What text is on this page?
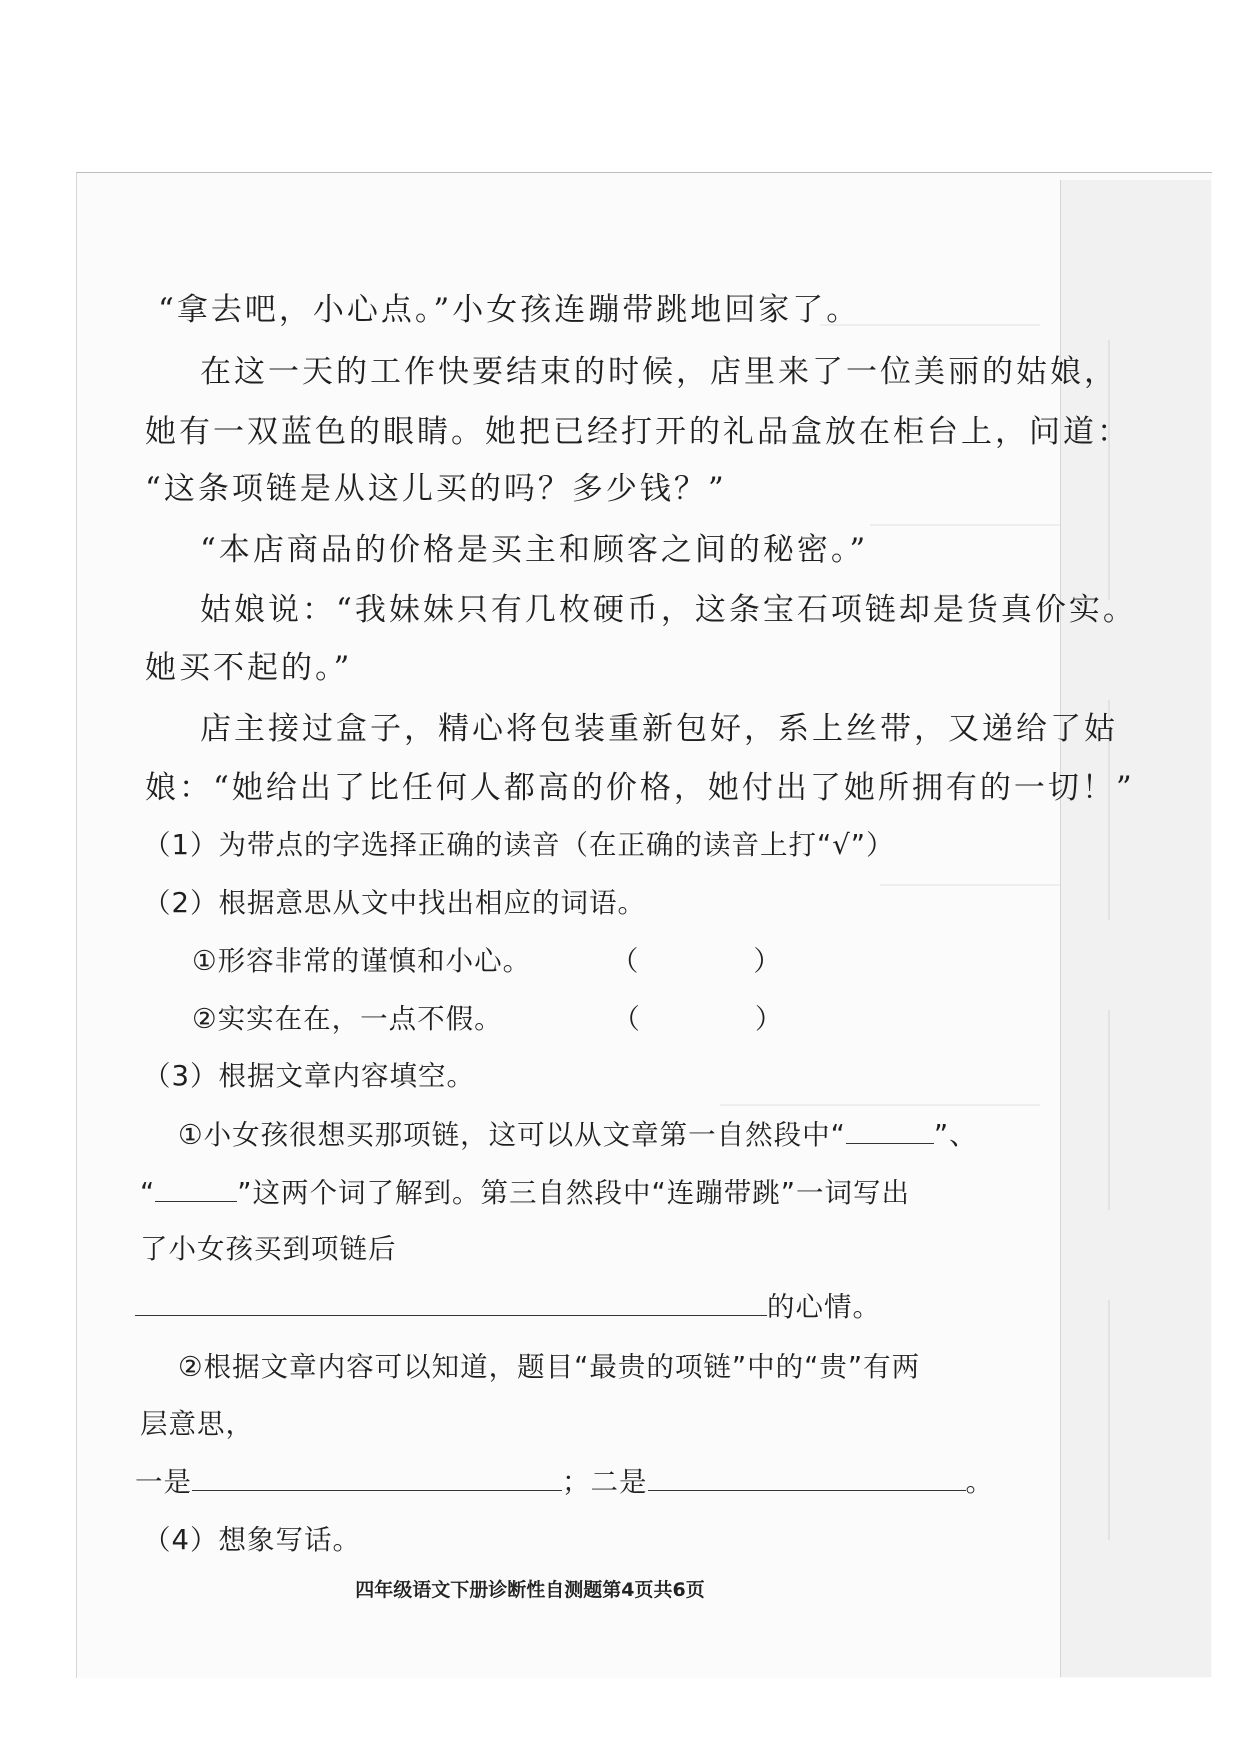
“拿去吧，小心点。”小女孩连蹦带跳地回家了。
在这一天的工作快要结束的时候，店里来了一位美丽的姑娘，
她有一双蓝色的眼睛。她把已经打开的礼品盒放在柜台上，问道：
“这条项链是从这儿买的吗？多少钱？”
“本店商品的价格是买主和顾客之间的秘密。”
姑娘说：“我妹妹只有几枚硬币，这条宝石项链却是货真价实。
她买不起的。”
店主接过盒子，精心将包装重新包好，系上丝带，又递给了姑
娘：“她给出了比任何人都高的价格，她付出了她所拥有的一切！”
（1）为带点的字选择正确的读音（在正确的读音上打“√”）
（2）根据意思从文中找出相应的词语。
①形容非常的谨慎和小心。	（　　　　）
②实实在在，一点不假。	（　　　　）
（3）根据文章内容填空。
①小女孩很想买那项链，这可以从文章第一自然段中“	”、
“	”这两个词了解到。第三自然段中“连蹦带跳”一词写出
了小女孩买到项链后
的心情。
②根据文章内容可以知道，题目“最贵的项链”中的“贵”有两
层意思，
一是	；二是	。
（4）想象写话。
四年级语文下册诊断性自测题第4页共6页
